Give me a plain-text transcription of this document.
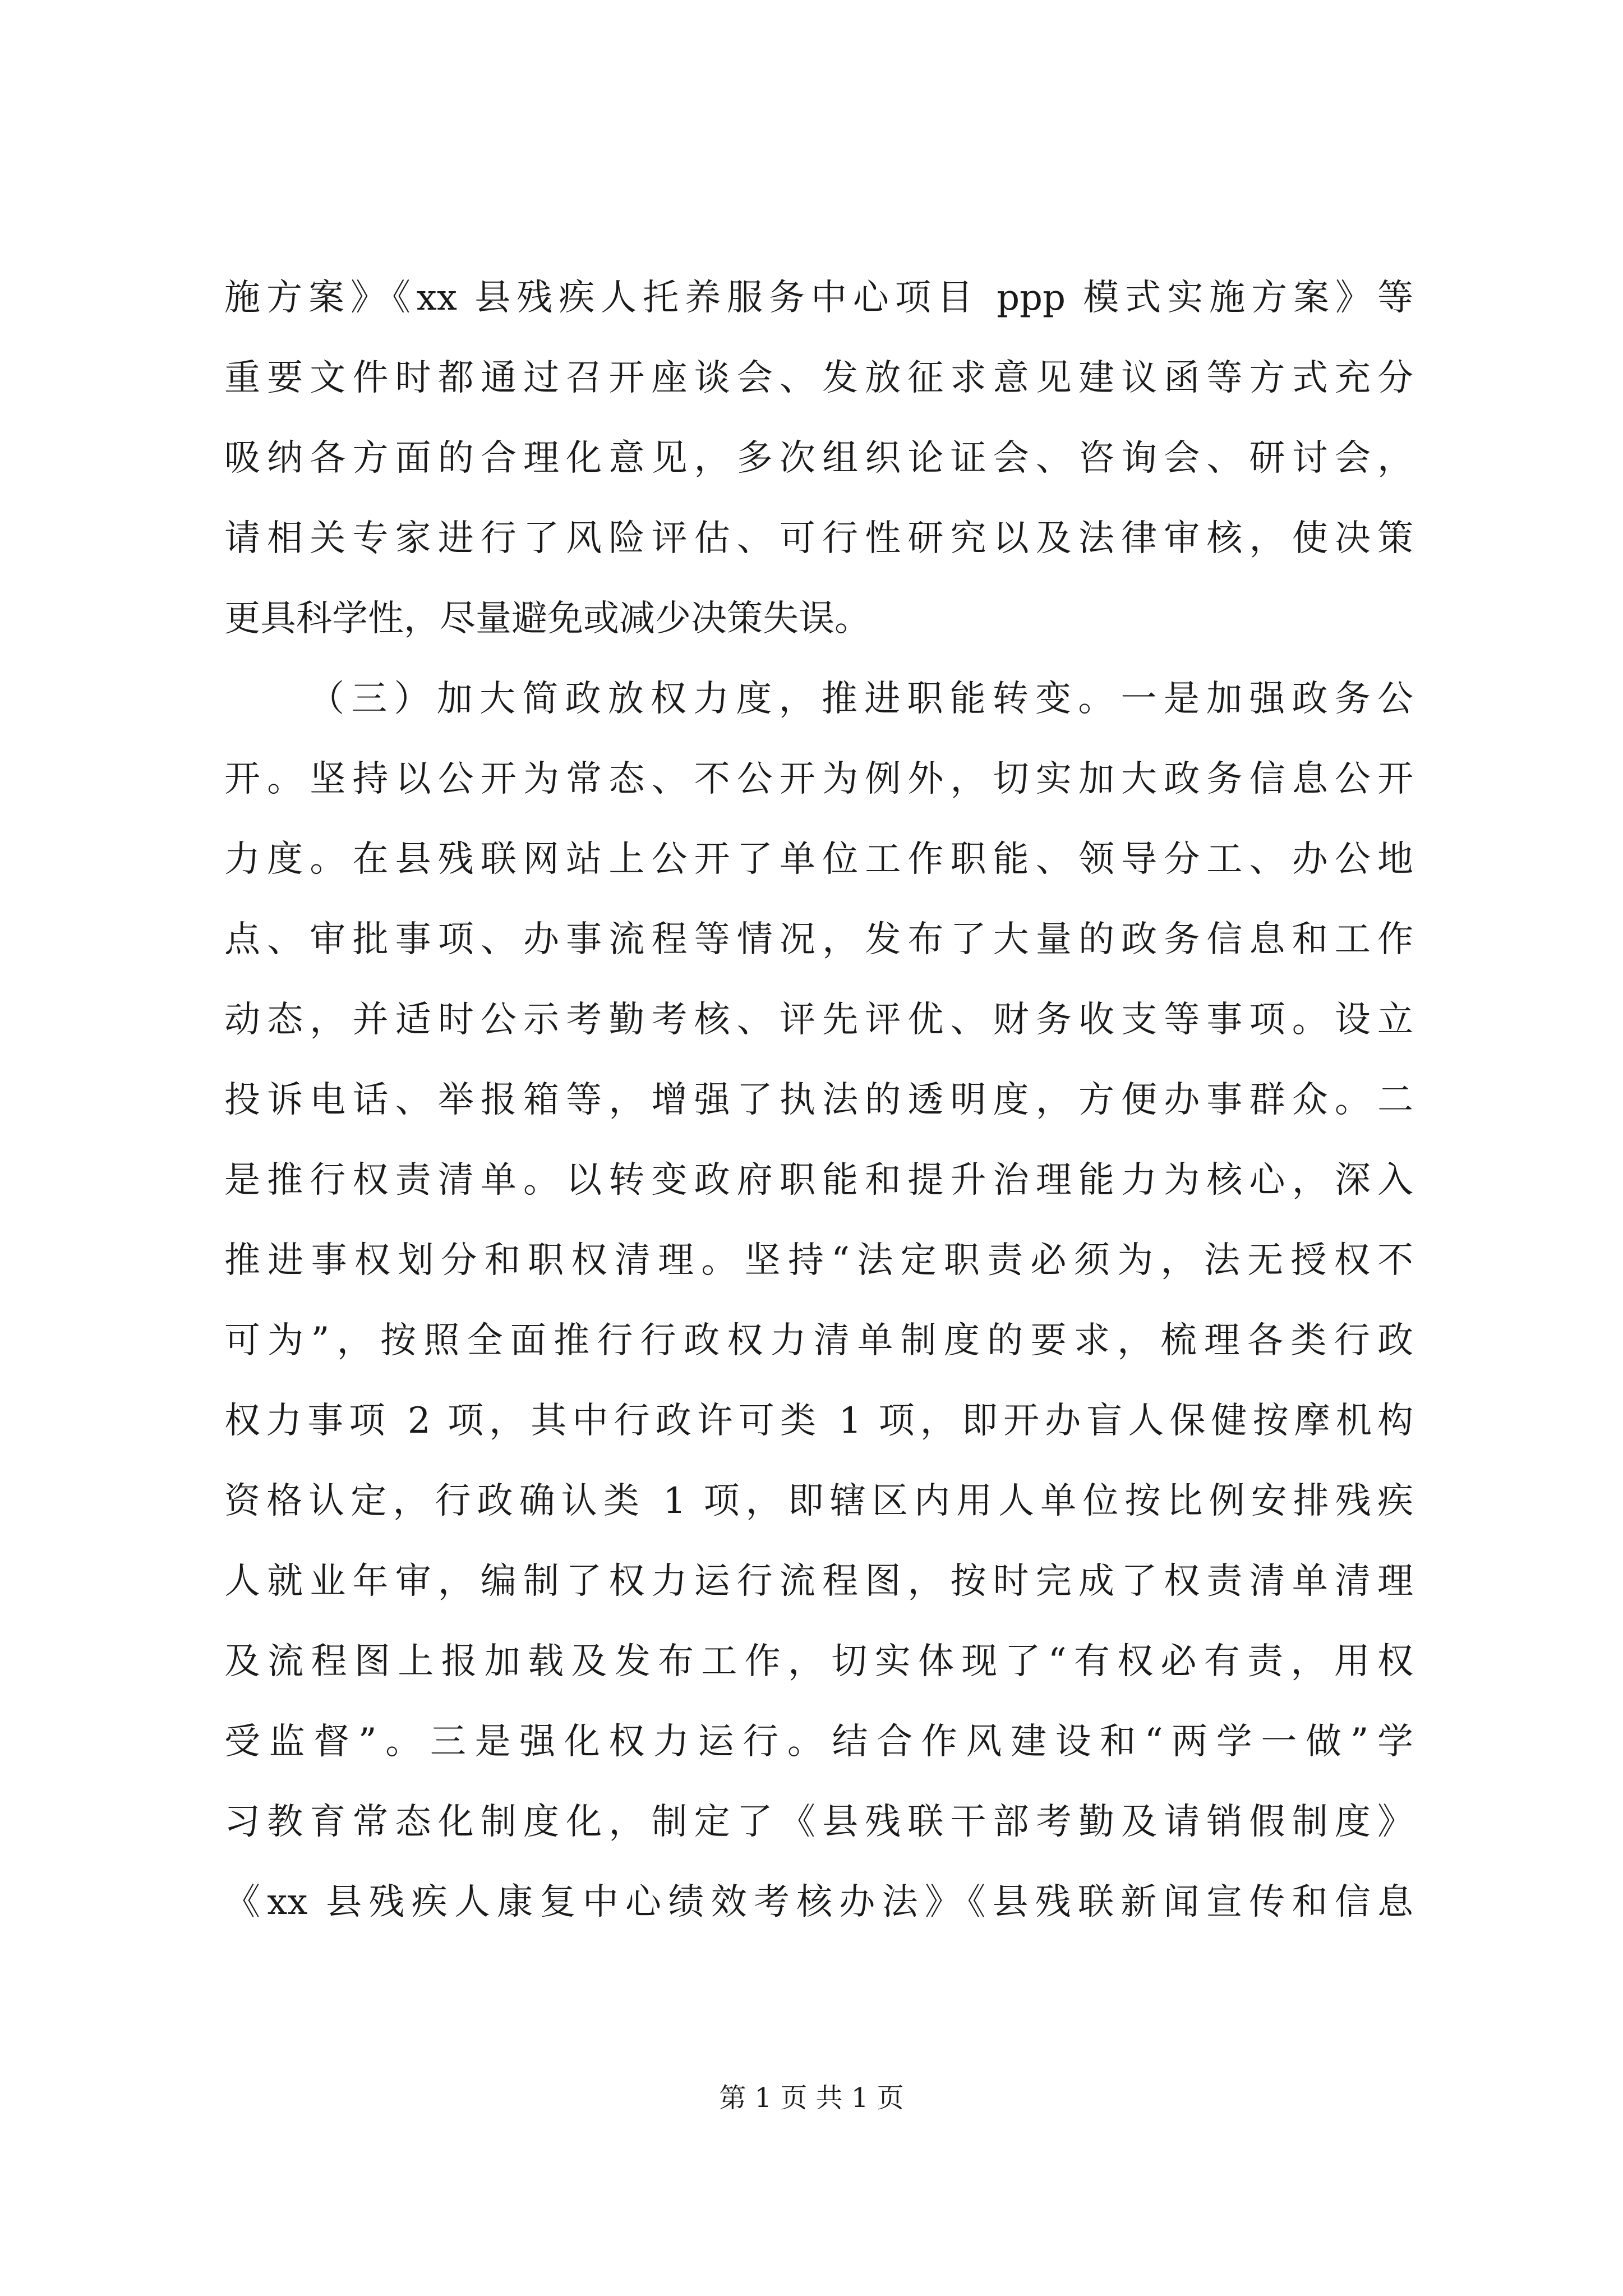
施方案》《xx 县残疾人托养服务中心项目 ppp 模式实施方案》等
重要文件时都通过召开座谈会、发放征求意见建议函等方式充分
吸纳各方面的合理化意见，多次组织论证会、咨询会、研讨会，
请相关专家进行了风险评估、可行性研究以及法律审核，使决策
更具科学性，尽量避免或减少决策失误。
（三）加大简政放权力度，推进职能转变。一是加强政务公
开。坚持以公开为常态、不公开为例外，切实加大政务信息公开
力度。在县残联网站上公开了单位工作职能、领导分工、办公地
点、审批事项、办事流程等情况，发布了大量的政务信息和工作
动态，并适时公示考勤考核、评先评优、财务收支等事项。设立
投诉电话、举报箱等，增强了执法的透明度，方便办事群众。二
是推行权责清单。以转变政府职能和提升治理能力为核心，深入
推进事权划分和职权清理。坚持“法定职责必须为，法无授权不
可为”，按照全面推行行政权力清单制度的要求，梳理各类行政
权力事项 2 项，其中行政许可类 1 项，即开办盲人保健按摩机构
资格认定，行政确认类 1 项，即辖区内用人单位按比例安排残疾
人就业年审，编制了权力运行流程图，按时完成了权责清单清理
及流程图上报加载及发布工作，切实体现了“有权必有责，用权
受监督”。三是强化权力运行。结合作风建设和“两学一做”学
习教育常态化制度化，制定了《县残联干部考勤及请销假制度》
《xx 县残疾人康复中心绩效考核办法》《县残联新闻宣传和信息
第 1 页 共 1 页
